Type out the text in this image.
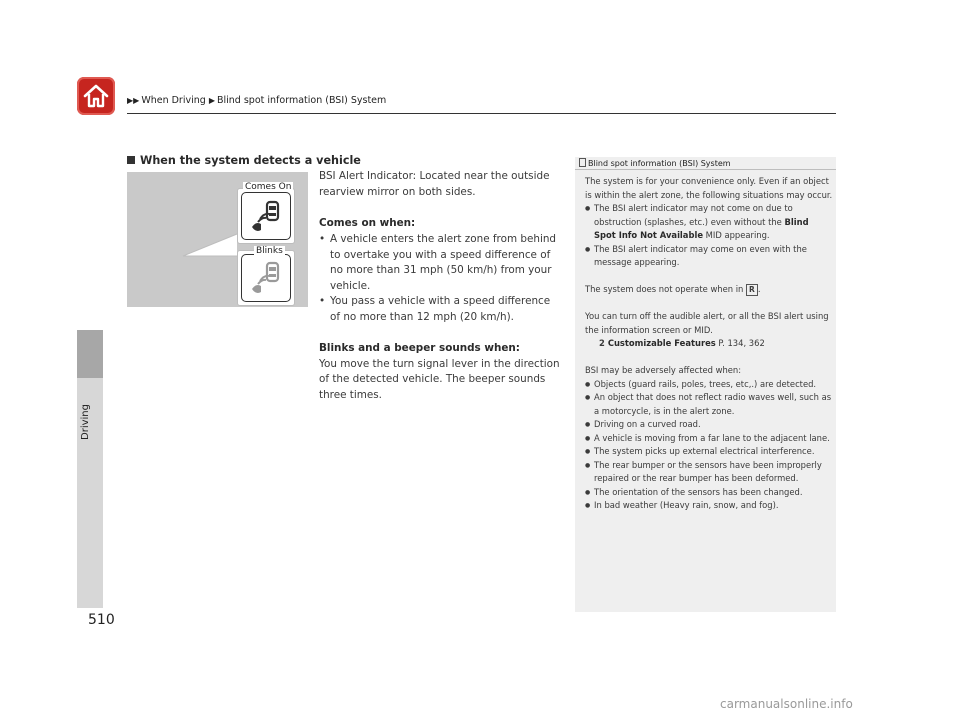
▶▶ When Driving ▶ Blind spot information (BSI) System
Driving
510
When the system detects a vehicle
Comes On
Blinks

BSI Alert Indicator: Located near the outside rearview mirror on both sides.

Comes on when:

• A vehicle enters the alert zone from behind to overtake you with a speed difference of no more than 31 mph (50 km/h) from your vehicle.

• You pass a vehicle with a speed difference of no more than 12 mph (20 km/h).

Blinks and a beeper sounds when:

You move the turn signal lever in the direction of the detected vehicle. The beeper sounds three times.

Blind spot information (BSI) System

The system is for your convenience only. Even if an object is within the alert zone, the following situations may occur.

● The BSI alert indicator may not come on due to obstruction (splashes, etc.) even without the Blind Spot Info Not Available MID appearing.

● The BSI alert indicator may come on even with the message appearing.

The system does not operate when in R .

You can turn off the audible alert, or all the BSI alert using the information screen or MID.

2 Customizable Features P. 134, 362

BSI may be adversely affected when:

● Objects (guard rails, poles, trees, etc,.) are detected.

● An object that does not reflect radio waves well, such as a motorcycle, is in the alert zone.

● Driving on a curved road.

● A vehicle is moving from a far lane to the adjacent lane.

● The system picks up external electrical interference.

● The rear bumper or the sensors have been improperly repaired or the rear bumper has been deformed.

● The orientation of the sensors has been changed.

● In bad weather (Heavy rain, snow, and fog).

carmanualsonline.info
